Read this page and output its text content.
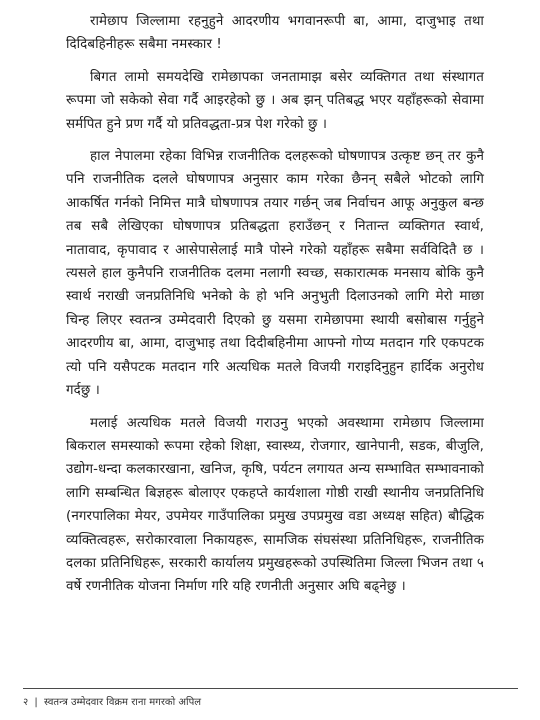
रामेछाप जिल्लामा रहनुहुने आदरणीय भगवानरूपी बा, आमा, दाजुभाइ तथा दिदिबहिनीहरू सबैमा नमस्कार !

बिगत लामो समयदेखि रामेछापका जनतामाझ बसेर व्यक्तिगत तथा संस्थागत रूपमा जो सकेको सेवा गर्दै आइरहेको छु । अब झन् पतिबद्ध भएर यहाँहरूको सेवामा सर्मपित हुने प्रण गर्दै यो प्रतिवद्धता-प्रत्र पेश गरेको छु ।

हाल नेपालमा रहेका विभिन्न राजनीतिक दलहरूको घोषणापत्र उत्कृष्ट छन् तर कुनै पनि राजनीतिक दलले घोषणापत्र अनुसार काम गरेका छैनन् सबैले भोटको लागि आकर्षित गर्नको निमित्त मात्रै घोषणापत्र तयार गर्छन् जब निर्वाचन आफू अनुकुल बन्छ तब सबै लेखिएका घोषणापत्र प्रतिबद्धता हराउँछन् र नितान्त व्यक्तिगत स्वार्थ, नातावाद, कृपावाद र आसेपासेलाई मात्रै पोस्ने गरेको यहाँहरू सबैमा सर्वविदितै छ । त्यसले हाल कुनैपनि राजनीतिक दलमा नलागी स्वच्छ, सकारात्मक मनसाय बोकि कुनै स्वार्थ नराखी जनप्रतिनिधि भनेको के हो भनि अनुभुती दिलाउनको लागि मेरो माछा चिन्ह लिएर स्वतन्त्र उम्मेदवारी दिएको छु यसमा रामेछापमा स्थायी बसोबास गर्नुहुने आदरणीय बा, आमा, दाजुभाइ तथा दिदीबहिनीमा आफ्नो गोप्य मतदान गरि एकपटक त्यो पनि यसैपटक मतदान गरि अत्यधिक मतले विजयी गराइदिनुहुन हार्दिक अनुरोध गर्दछु ।

मलाई अत्यधिक मतले विजयी गराउनु भएको अवस्थामा रामेछाप जिल्लामा बिकराल समस्याको रूपमा रहेको शिक्षा, स्वास्थ्य, रोजगार, खानेपानी, सडक, बीजुलि, उद्योग-धन्दा कलकारखाना, खनिज, कृषि, पर्यटन लगायत अन्य सम्भावित सम्भावनाको लागि सम्बन्धित बिज्ञहरू बोलाएर एकहप्ते कार्यशाला गोष्ठी राखी स्थानीय जनप्रतिनिधि (नगरपालिका मेयर, उपमेयर गाउँपालिका प्रमुख उपप्रमुख वडा अध्यक्ष सहित) बौद्धिक व्यक्तित्वहरू, सरोकारवाला निकायहरू, सामजिक संघसंस्था प्रतिनिधिहरू, राजनीतिक दलका प्रतिनिधिहरू, सरकारी कार्यालय प्रमुखहरूको उपस्थितिमा जिल्ला भिजन तथा ५ वर्षे रणनीतिक योजना निर्माण गरि यहि रणनीती अनुसार अघि बढ्नेछु ।

२ | स्वतन्त्र उम्मेदवार विक्रम राना मगरको अपिल
